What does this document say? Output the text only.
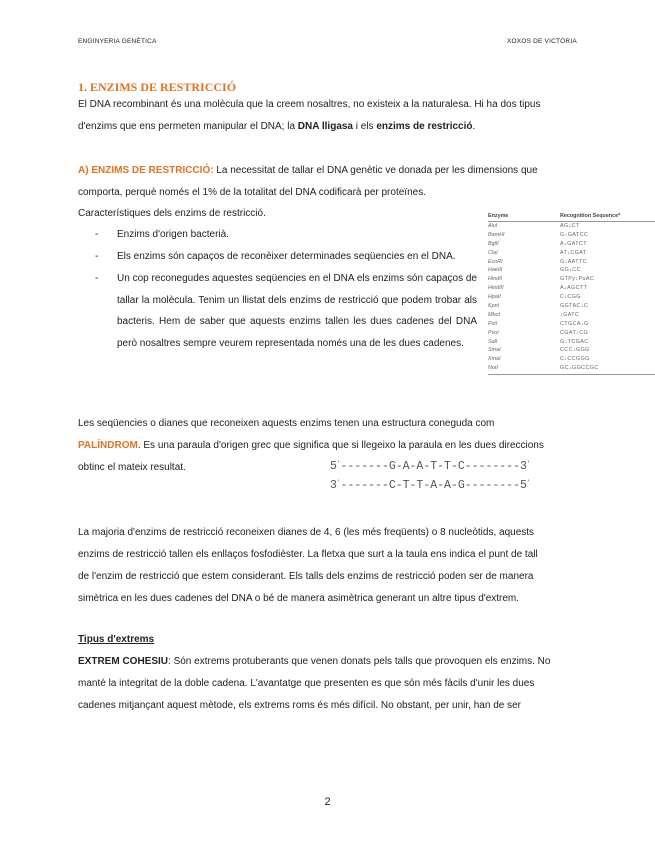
ENGINYERIA GENÈTICA	XOXOS DE VICTÒRIA
1. ENZIMS DE RESTRICCIÓ
El DNA recombinant és una molècula que la creem nosaltres, no existeix a la naturalesa. Hi ha dos tipus
d'enzims que ens permeten manipular el DNA; la DNA lligasa i els enzims de restricció.
A) ENZIMS DE RESTRICCIÓ: La necessitat de tallar el DNA genètic ve donada per les dimensions que
comporta, perquè només el 1% de la totalitat del DNA codificarà per proteïnes.
Característiques dels enzims de restricció.
- Enzims d'origen bacterià.
- Els enzims són capaços de reconèixer determinades seqüencies en el DNA.
- Un cop reconegudes aquestes seqüencies en el DNA els enzims són capaços de tallar la molècula. Tenim un llistat dels enzims de restricció que podem trobar als bacteris. Hem de saber que aquests enzims tallen les dues cadenes del DNA però nosaltres sempre veurem representada només una de les dues cadenes.
Enzyme	Recognition Sequence*
AluI	AG↓CT
BamHI	G↓GATCC
BglII	A↓GATCT
ClaI	AT↓CGAT
EcoRI	G↓AATTC
HaeIII	GG↓CC
HindII	GTPy↓PuAC
HindIII	A↓AGCTT
HpaII	C↓CGG
KpnI	GGTAC↓C
MboI	↓GATC
PstI	CTGCA↓G
PvuI	CGAT↓CG
SalI	G↓TCGAC
SmaI	CCC↓GGG
XmaI	C↓CCGGG
NotI	GC↓GGCCGC
Les seqüencies o dianes que reconeixen aquests enzims tenen una estructura coneguda com
PALÍNDROM. Es una paraula d'origen grec que significa que si llegeixo la paraula en les dues direccions
obtinc el mateix resultat.	5'-------G-A-A-T-T-C--------3'
3'-------C-T-T-A-A-G--------5'
La majoria d'enzims de restricció reconeixen dianes de 4, 6 (les més freqüents) o 8 nucleòtids, aquests
enzims de restricció tallen els enllaços fosfodièster. La fletxa que surt a la taula ens indica el punt de tall
de l'enzim de restricció que estem considerant. Els talls dels enzims de restricció poden ser de manera
simètrica en les dues cadenes del DNA o bé de manera asimètrica generant un altre tipus d'extrem.
Tipus d'extrems
EXTREM COHESIU: Són extrems protuberants que venen donats pels talls que provoquen els enzims. No
manté la integritat de la doble cadena. L'avantatge que presenten es que són més fàcils d'unir les dues
cadenes mitjançant aquest mètode, els extrems roms és més difícil. No obstant, per unir, han de ser
2
